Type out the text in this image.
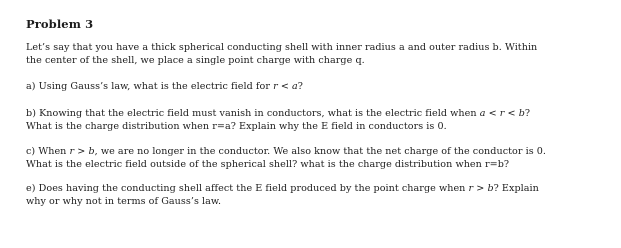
Problem 3
Let’s say that you have a thick spherical conducting shell with inner radius a and outer radius b. Within
the center of the shell, we place a single point charge with charge q.
a) Using Gauss’s law, what is the electric field for r < a?
b) Knowing that the electric field must vanish in conductors, what is the electric field when a < r < b?
What is the charge distribution when r=a? Explain why the E field in conductors is 0.
c) When r > b, we are no longer in the conductor. We also know that the net charge of the conductor is 0.
What is the electric field outside of the spherical shell? what is the charge distribution when r=b?
e) Does having the conducting shell affect the E field produced by the point charge when r > b? Explain
why or why not in terms of Gauss’s law.
